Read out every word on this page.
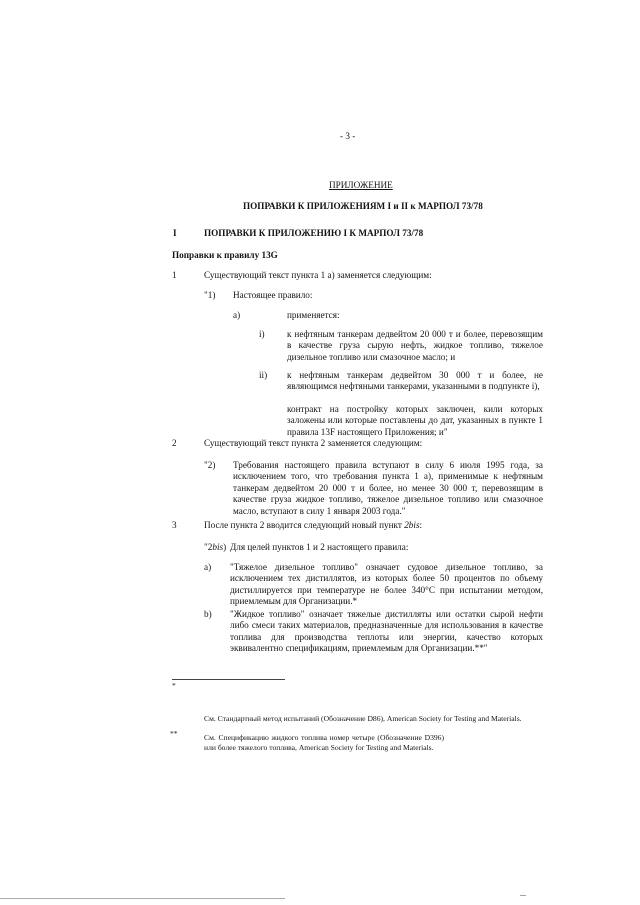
- 3 -
ПРИЛОЖЕНИЕ
ПОПРАВКИ К ПРИЛОЖЕНИЯМ I и II к МАРПОЛ 73/78
I	ПОПРАВКИ К ПРИЛОЖЕНИЮ I К МАРПОЛ 73/78
Поправки к правилу 13G
1	Существующий текст пункта 1 а) заменяется следующим:
"1) Настоящее правило:
а)	применяется:
i) к нефтяным танкерам дедвейтом 20 000 т и более, перевозящим в качестве груза сырую нефть, жидкое топливо, тяжелое дизельное топливо или смазочное масло; и
ii) к нефтяным танкерам дедвейтом 30 000 т и более, не являющимся нефтяными танкерами, указанными в подпункте i),
контракт на постройку которых заключен, кили которых заложены или которые поставлены до дат, указанных в пункте 1 правила 13F настоящего Приложения; и"
2	Существующий текст пункта 2 заменяется следующим:
"2) Требования настоящего правила вступают в силу 6 июля 1995 года, за исключением того, что требования пункта 1 а), применимые к нефтяным танкерам дедвейтом 20 000 т и более, но менее 30 000 т, перевозящим в качестве груза жидкое топливо, тяжелое дизельное топливо или смазочное масло, вступают в силу 1 января 2003 года."
3	После пункта 2 вводится следующий новый пункт 2bis:
"2bis) Для целей пунктов 1 и 2 настоящего правила:
a) "Тяжелое дизельное топливо" означает судовое дизельное топливо, за исключением тех дистиллятов, из которых более 50 процентов по объему дистиллируется при температуре не более 340°C при испытании методом, приемлемым для Организации.*
b) "Жидкое топливо" означает тяжелые дистилляты или остатки сырой нефти либо смеси таких материалов, предназначенные для использования в качестве топлива для производства теплоты или энергии, качество которых эквивалентно спецификациям, приемлемым для Организации.**"
*
См. Стандартный метод испытаний (Обозначение D86), American Society for Testing and Materials.
**	См. Спецификацию жидкого топлива номер четыре (Обозначение D396) или более тяжелого топлива, American Society for Testing and Materials.
